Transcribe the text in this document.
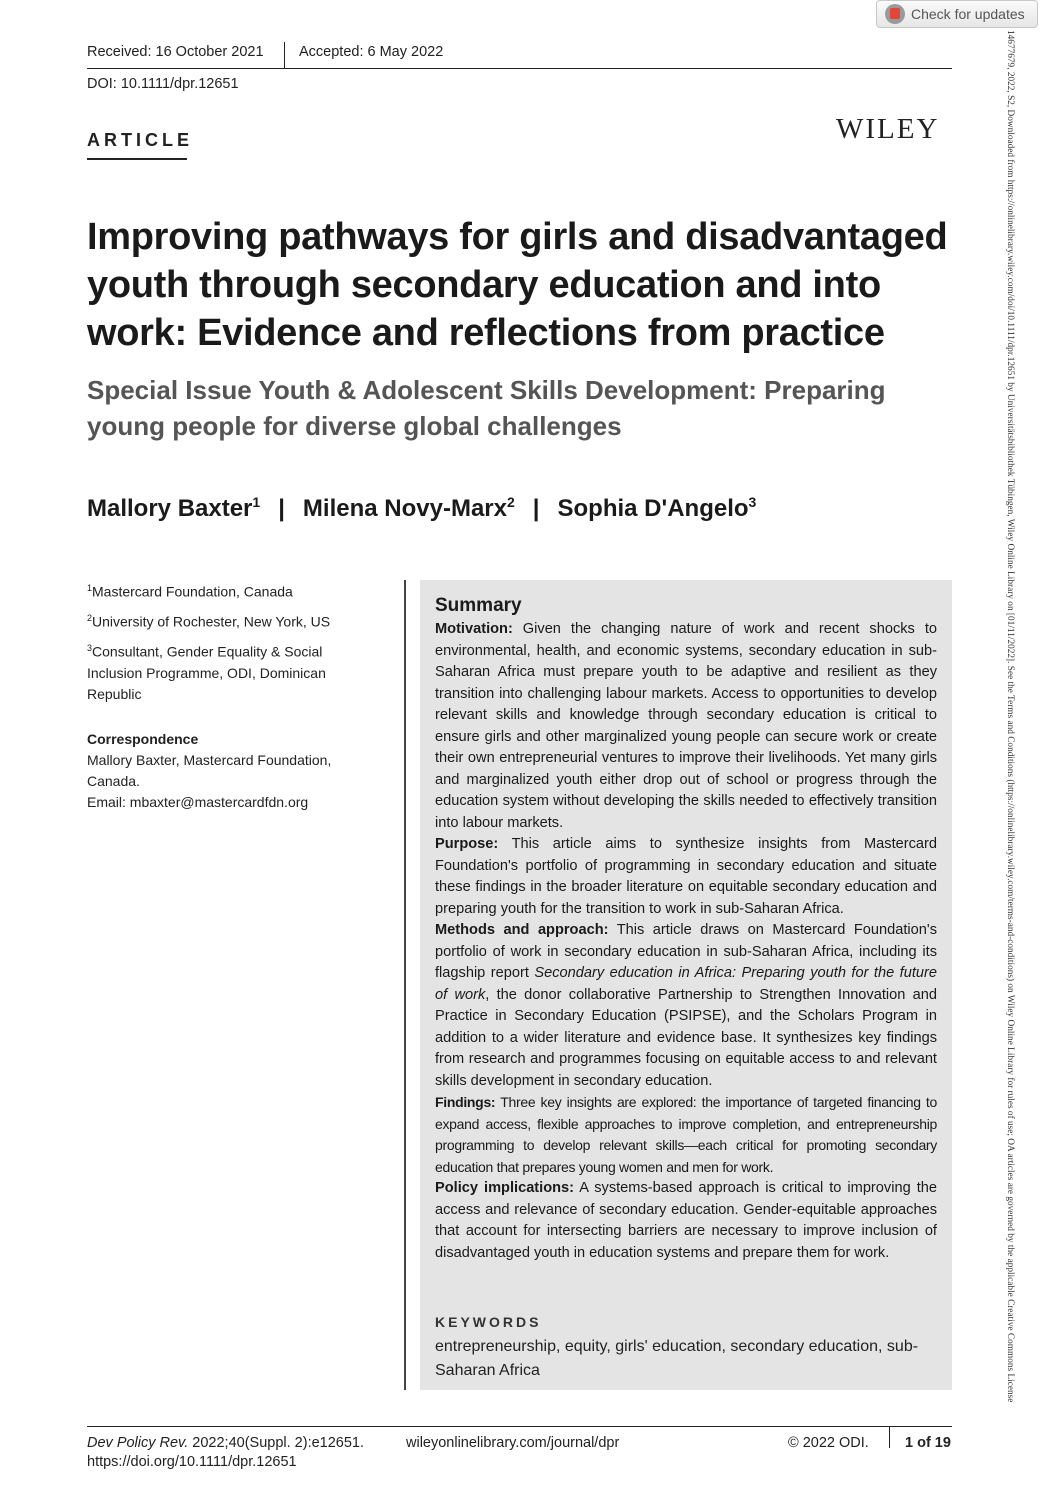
Check for updates
Received: 16 October 2021 Accepted: 6 May 2022
DOI: 10.1111/dpr.12651
ARTICLE	WILEY
Improving pathways for girls and disadvantaged youth through secondary education and into work: Evidence and reflections from practice
Special Issue Youth & Adolescent Skills Development: Preparing young people for diverse global challenges
Mallory Baxter$^1$ | Milena Novy-Marx$^2$ | Sophia D'Angelo$^3$
$^1$Mastercard Foundation, Canada
$^2$University of Rochester, New York, US
$^3$Consultant, Gender Equality & Social Inclusion Programme, ODI, Dominican Republic
Correspondence
Mallory Baxter, Mastercard Foundation, Canada.
Email: mbaxter@mastercardfdn.org
Summary

Motivation: Given the changing nature of work and recent shocks to environmental, health, and economic systems, secondary education in sub-Saharan Africa must prepare youth to be adaptive and resilient as they transition into challenging labour markets. Access to opportunities to develop relevant skills and knowledge through secondary education is critical to ensure girls and other marginalized young people can secure work or create their own entrepreneurial ventures to improve their livelihoods. Yet many girls and marginalized youth either drop out of school or progress through the education system without developing the skills needed to effectively transition into labour markets.

Purpose: This article aims to synthesize insights from Mastercard Foundation's portfolio of programming in secondary education and situate these findings in the broader literature on equitable secondary education and preparing youth for the transition to work in sub-Saharan Africa.

Methods and approach: This article draws on Mastercard Foundation's portfolio of work in secondary education in sub-Saharan Africa, including its flagship report Secondary education in Africa: Preparing youth for the future of work, the donor collaborative Partnership to Strengthen Innovation and Practice in Secondary Education (PSIPSE), and the Scholars Program in addition to a wider literature and evidence base. It synthesizes key findings from research and programmes focusing on equitable access to and relevant skills development in secondary education.

Findings: Three key insights are explored: the importance of targeted financing to expand access, flexible approaches to improve completion, and entrepreneurship programming to develop relevant skills—each critical for promoting secondary education that prepares young women and men for work.

Policy implications: A systems-based approach is critical to improving the access and relevance of secondary education. Gender-equitable approaches that account for intersecting barriers are necessary to improve inclusion of disadvantaged youth in education systems and prepare them for work.

KEYWORDS
entrepreneurship, equity, girls' education, secondary education, sub-Saharan Africa
Dev Policy Rev. 2022;40(Suppl. 2):e12651.
https://doi.org/10.1111/dpr.12651
wileyonlinelibrary.com/journal/dpr	© 2022 ODI. 1 of 19
14677679, 2022, S2, Downloaded from https://onlinelibrary.wiley.com/doi/10.1111/dpr.12651 by Universitätsbibliothek Tübingen, Wiley Online Library on [01/11/2022]. See the Terms and Conditions (https://onlinelibrary.wiley.com/terms-and-conditions) on Wiley Online Library for rules of use; OA articles are governed by the applicable Creative Commons License
